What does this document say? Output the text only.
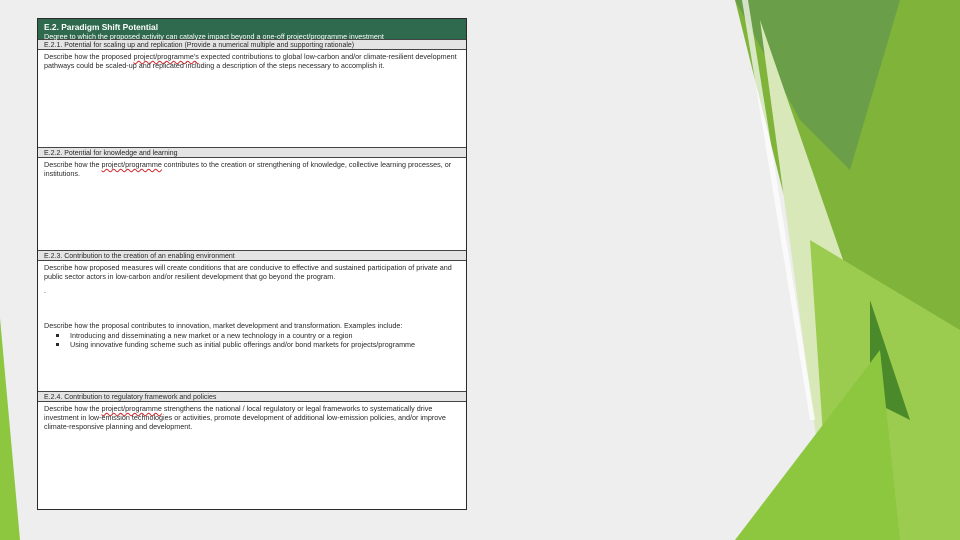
E.2. Paradigm Shift Potential
Degree to which the proposed activity can catalyze impact beyond a one-off project/programme investment
E.2.1. Potential for scaling up and replication (Provide a numerical multiple and supporting rationale)
Describe how the proposed project/programme’s expected contributions to global low-carbon and/or climate-resilient development pathways could be scaled-up and replicated including a description of the steps necessary to accomplish it.
E.2.2. Potential for knowledge and learning
Describe how the project/programme contributes to the creation or strengthening of knowledge, collective learning processes, or institutions.
E.2.3. Contribution to the creation of an enabling environment
Describe how proposed measures will create conditions that are conducive to effective and sustained participation of private and public sector actors in low-carbon and/or resilient development that go beyond the program.
.
Describe how the proposal contributes to innovation, market development and transformation. Examples include:
Introducing and disseminating a new market or a new technology in a country or a region
Using innovative funding scheme such as initial public offerings and/or bond markets for projects/programme
E.2.4. Contribution to regulatory framework and policies
Describe how the project/programme strengthens the national / local regulatory or legal frameworks to systematically drive investment in low-emission technologies or activities, promote development of additional low-emission policies, and/or improve climate-responsive planning and development.
